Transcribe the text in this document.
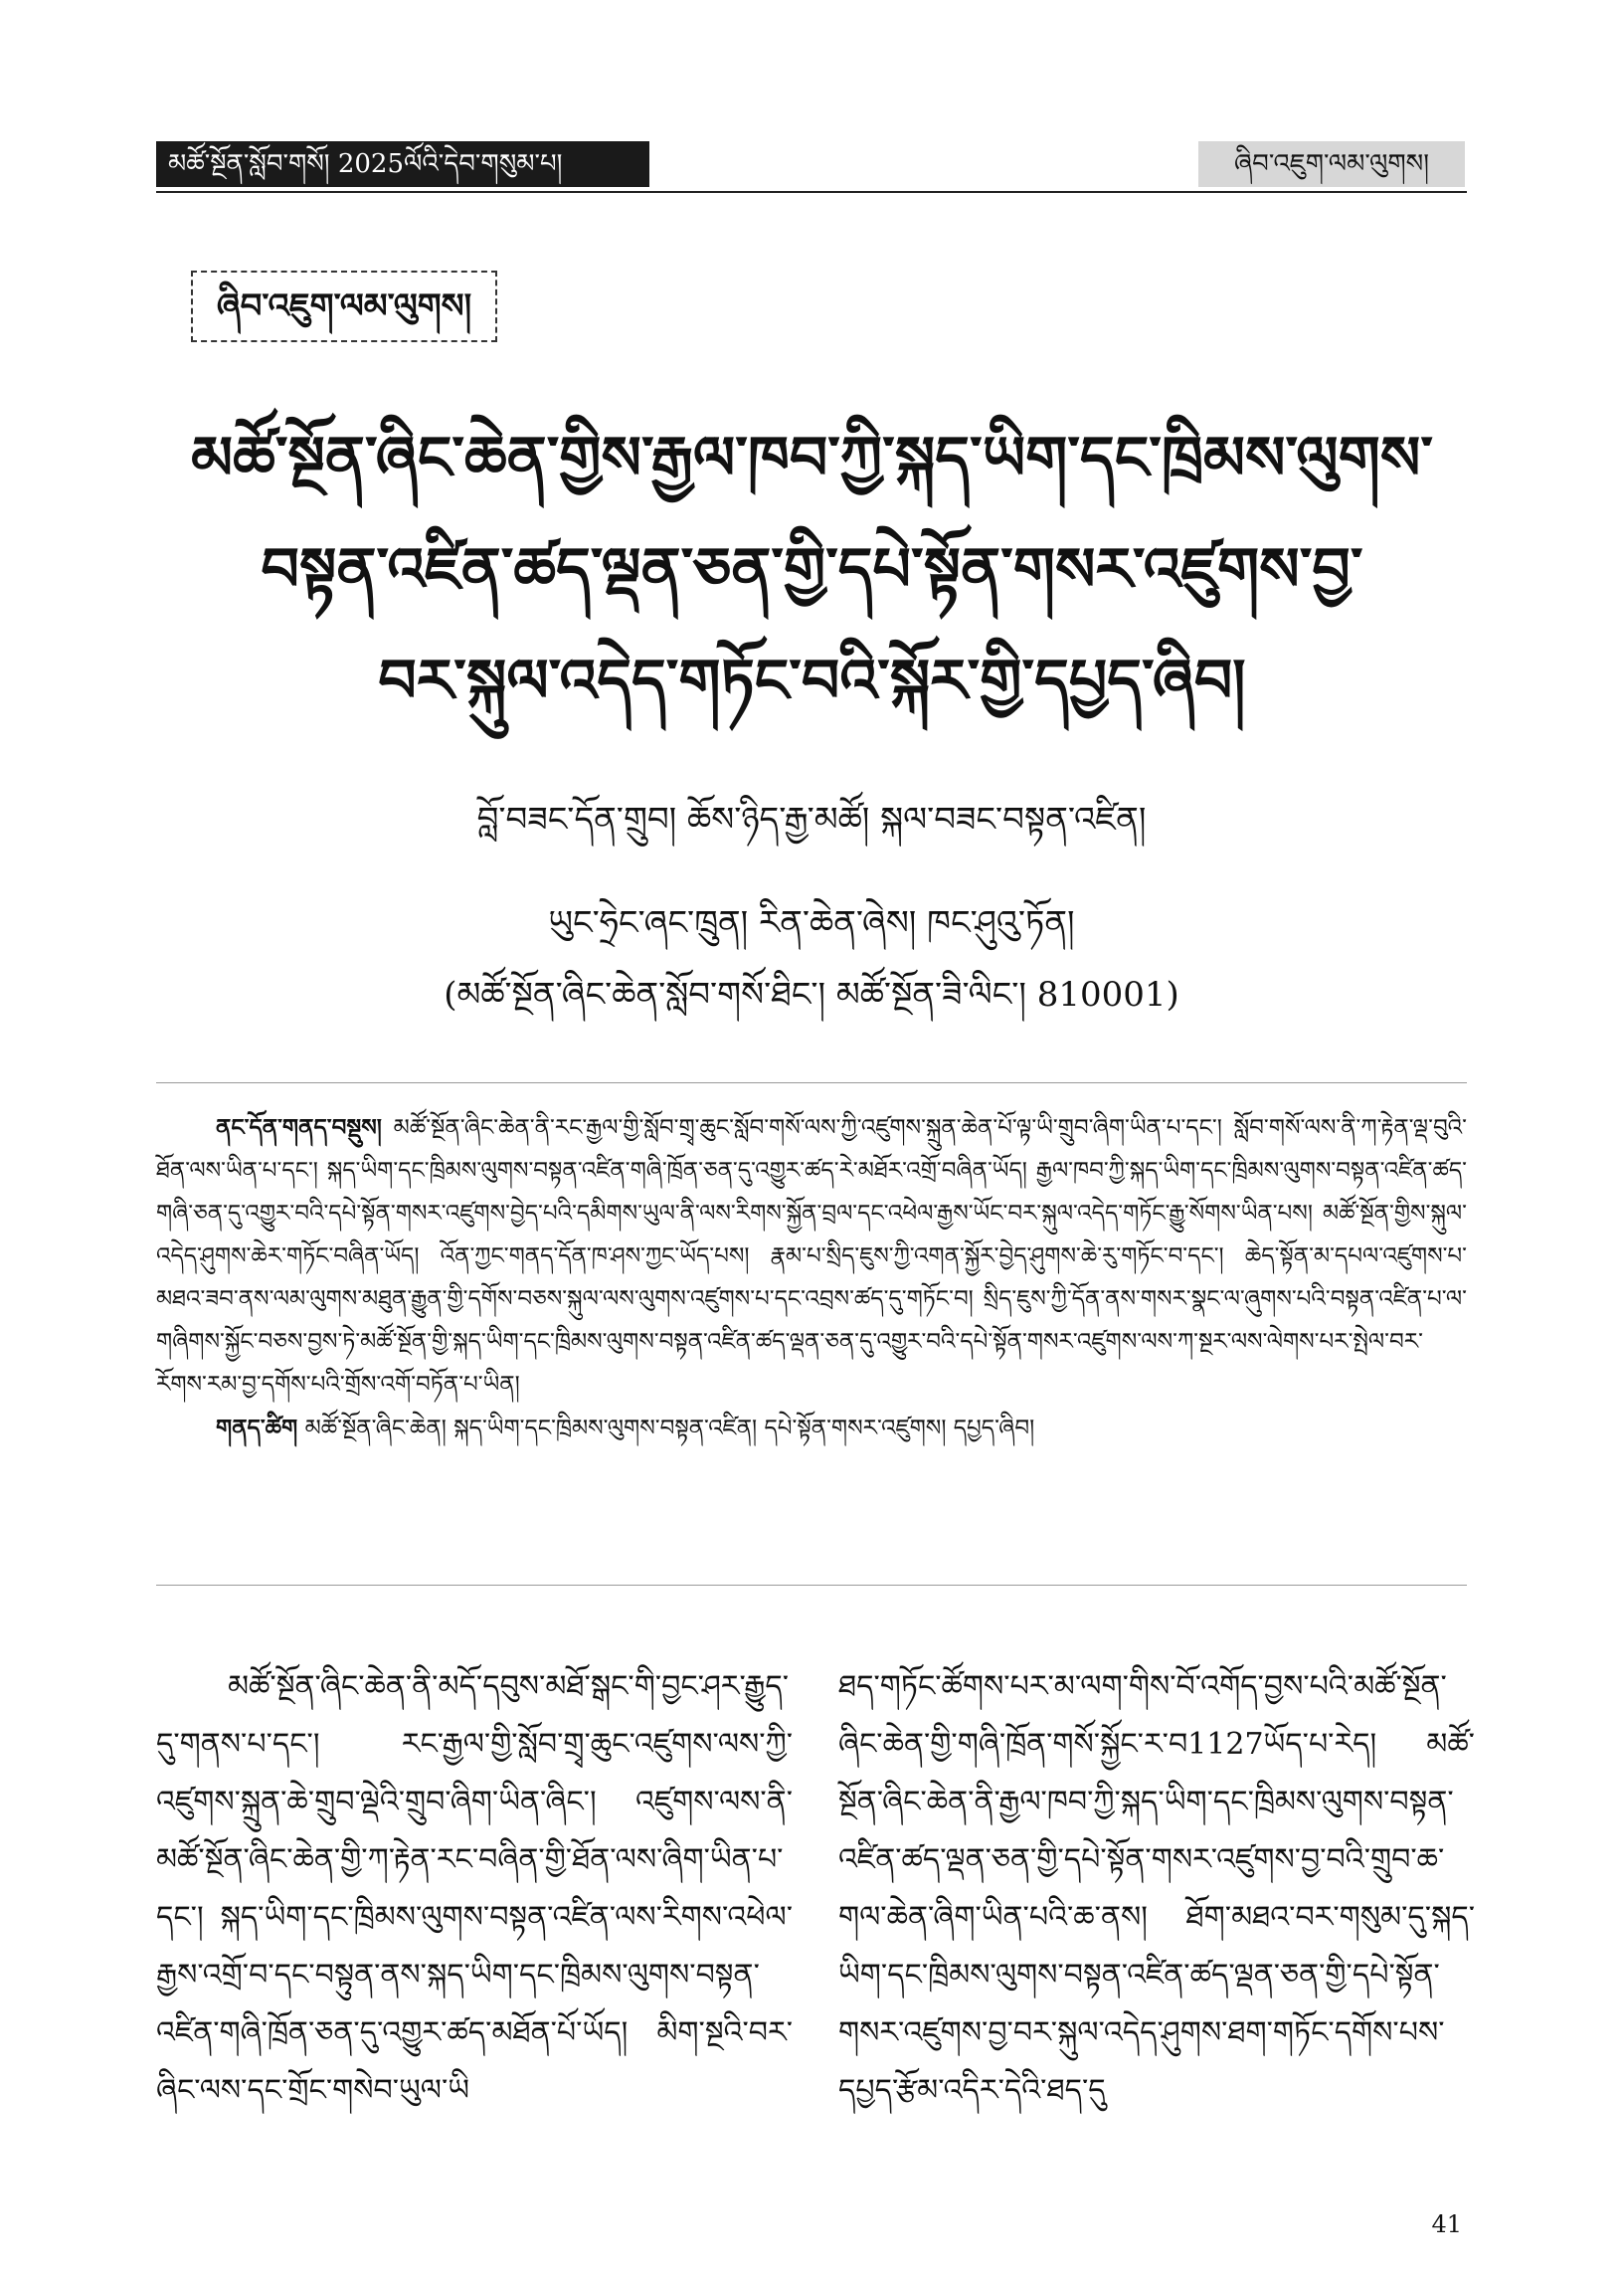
མཚོ་སྔོན་སློབ་གསོ། 2025ལོའི་དེབ་གསུམ་པ།	ཞིབ་འཇུག་ལམ་ལུགས།
ཞིབ་འཇུག་ལམ་ལུགས།
མཚོ་སྔོན་ཞིང་ཆེན་གྱིས་རྒྱལ་ཁབ་ཀྱི་སྐད་ཡིག་དང་ཁྲིམས་ལུགས་
བསྟན་འཛིན་ཚད་ལྡན་ཅན་གྱི་དཔེ་སྟོན་གསར་འཛུགས་བྱ་
བར་སྐུལ་འདེད་གཏོང་བའི་སྐོར་གྱི་དཔྱད་ཞིབ།
བློ་བཟང་དོན་གྲུབ། ཆོས་ཉིད་རྒྱ་མཚོ། སྐལ་བཟང་བསྟན་འཛིན།
ཡུང་ཧྲེང་ཞང་ཁྲུན། རིན་ཆེན་ཞེས། ཁང་ཤུའུ་ཏོན།
(མཚོ་སྔོན་ཞིང་ཆེན་སློབ་གསོ་ཐིང་། མཚོ་སྔོན་ཟི་ལིང་། 810001)

ནང་དོན་གནད་བསྡུས། མཚོ་སྔོན་ཞིང་ཆེན་ནི་རང་རྒྱལ་གྱི་སློབ་གྲྭ་ཆུང་སློབ་གསོ་ལས་ཀྱི་འཛུགས་སྐྲུན་ཆེན་པོ་ལྟ་ཡི་གྲུབ་ཞིག་ཡིན་པ་དང་། སློབ་གསོ་ལས་ནི་ཀ་རྟེན་ལྡ་བུའི་ཐོན་ལས་ཡིན་པ་དང་། སྐད་ཡིག་དང་ཁྲིམས་ལུགས་བསྟན་འཛིན་གཞི་ཁྲོན་ཅན་དུ་འགྱུར་ཚད་རེ་མཐོར་འགྲོ་བཞིན་ཡོད། རྒྱལ་ཁབ་ཀྱི་སྐད་ཡིག་དང་ཁྲིམས་ལུགས་བསྟན་འཛིན་ཚད་གཞི་ཅན་དུ་འགྱུར་བའི་དཔེ་སྟོན་གསར་འཛུགས་བྱེད་པའི་དམིགས་ཡུལ་ནི་ལས་རིགས་སྐྱོན་བྲལ་དང་འཕེལ་རྒྱས་ཡོང་བར་སྐུལ་འདེད་གཏོང་རྒྱུ་སོགས་ཡིན་པས། མཚོ་སྔོན་གྱིས་སྐུལ་འདེད་ཤུགས་ཆེར་གཏོང་བཞིན་ཡོད། འོན་ཀྱང་གནད་དོན་ཁ་ཤས་ཀྱང་ཡོད་པས། རྣམ་པ་སྲིད་ཇུས་ཀྱི་འགན་སྐྱོར་བྱེད་ཤུགས་ཆེ་རུ་གཏོང་བ་དང་། ཆེད་སྟོན་མ་དཔལ་འཛུགས་པ་མཐའ་ཟབ་ནས་ལམ་ལུགས་མཐུན་རྒྱུན་གྱི་དགོས་བཅས་སྐུལ་ལས་ལུགས་འཛུགས་པ་དང་འབྲས་ཚད་དུ་གཏོང་བ། སྲིད་ཇུས་ཀྱི་དོན་ནས་གསར་སྣང་ལ་ཞུགས་པའི་བསྟན་འཛིན་པ་ལ་གཞིགས་སྐྱོང་བཅས་བྱས་ཏེ་མཚོ་སྔོན་གྱི་སྐད་ཡིག་དང་ཁྲིམས་ལུགས་བསྟན་འཛིན་ཚད་ལྡན་ཅན་དུ་འགྱུར་བའི་དཔེ་སྟོན་གསར་འཛུགས་ལས་ཀ་སྔར་ལས་ལེགས་པར་སྤེལ་བར་རོགས་རམ་བྱ་དགོས་པའི་གྲོས་འགོ་བཏོན་པ་ཡིན།

གནད་ཚིག མཚོ་སྔོན་ཞིང་ཆེན། སྐད་ཡིག་དང་ཁྲིམས་ལུགས་བསྟན་འཛིན། དཔེ་སྟོན་གསར་འཛུགས། དཔྱད་ཞིབ།

མཚོ་སྔོན་ཞིང་ཆེན་ནི་མདོ་དབུས་མཐོ་སྒང་གི་བྱང་ཤར་རྒྱུད་དུ་གནས་པ་དང་། རང་རྒྱལ་གྱི་སློབ་གྲྭ་ཆུང་འཛུགས་ལས་ཀྱི་འཛུགས་སྐྲུན་ཆེ་གྲུབ་ལྡེའི་གྲུབ་ཞིག་ཡིན་ཞིང་། འཛུགས་ལས་ནི་མཚོ་སྔོན་ཞིང་ཆེན་གྱི་ཀ་རྟེན་རང་བཞིན་གྱི་ཐོན་ལས་ཞིག་ཡིན་པ་དང་། སྐད་ཡིག་དང་ཁྲིམས་ལུགས་བསྟན་འཛིན་ལས་རིགས་འཕེལ་རྒྱས་འགྲོ་བ་དང་བསྟུན་ནས་སྐད་ཡིག་དང་ཁྲིམས་ལུགས་བསྟན་འཛིན་གཞི་ཁྲོན་ཅན་དུ་འགྱུར་ཚད་མཐོན་པོ་ཡོད། མིག་སྔའི་བར་ཞིང་ལས་དང་གྲོང་གསེབ་ཡུལ་ཡི

ཐད་གཏོང་ཚོགས་པར་མ་ལག་གིས་བོ་འགོད་བྱས་པའི་མཚོ་སྔོན་ཞིང་ཆེན་གྱི་གཞི་ཁྲོན་གསོ་སྐྱོང་ར་བ1127ཡོད་པ་རེད། མཚོ་སྔོན་ཞིང་ཆེན་ནི་རྒྱལ་ཁབ་ཀྱི་སྐད་ཡིག་དང་ཁྲིམས་ལུགས་བསྟན་འཛིན་ཚད་ལྡན་ཅན་གྱི་དཔེ་སྟོན་གསར་འཛུགས་བྱ་བའི་གྲུབ་ཆ་གལ་ཆེན་ཞིག་ཡིན་པའི་ཆ་ནས། ཐོག་མཐའ་བར་གསུམ་དུ་སྐད་ཡིག་དང་ཁྲིམས་ལུགས་བསྟན་འཛིན་ཚད་ལྡན་ཅན་གྱི་དཔེ་སྟོན་གསར་འཛུགས་བྱ་བར་སྐུལ་འདེད་ཤུགས་ཐག་གཏོང་དགོས་པས་དཔྱད་རྩོམ་འདིར་དེའི་ཐད་དུ

41
